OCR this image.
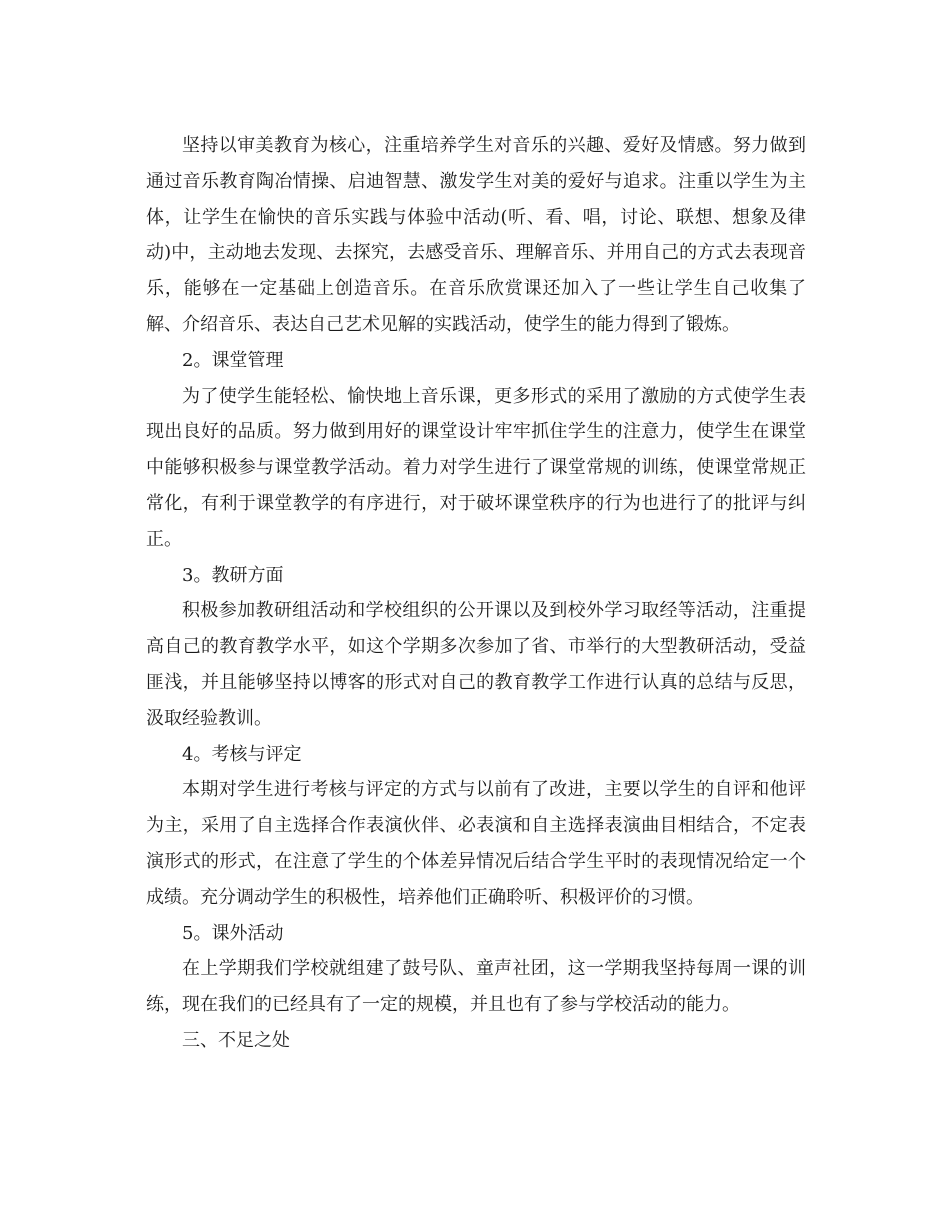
坚持以审美教育为核心，注重培养学生对音乐的兴趣、爱好及情感。努力做到通过音乐教育陶冶情操、启迪智慧、激发学生对美的爱好与追求。注重以学生为主体，让学生在愉快的音乐实践与体验中活动(听、看、唱，讨论、联想、想象及律动)中，主动地去发现、去探究，去感受音乐、理解音乐、并用自己的方式去表现音乐，能够在一定基础上创造音乐。在音乐欣赏课还加入了一些让学生自己收集了解、介绍音乐、表达自己艺术见解的实践活动，使学生的能力得到了锻炼。

2。课堂管理

为了使学生能轻松、愉快地上音乐课，更多形式的采用了激励的方式使学生表现出良好的品质。努力做到用好的课堂设计牢牢抓住学生的注意力，使学生在课堂中能够积极参与课堂教学活动。着力对学生进行了课堂常规的训练，使课堂常规正常化，有利于课堂教学的有序进行，对于破坏课堂秩序的行为也进行了的批评与纠正。

3。教研方面

积极参加教研组活动和学校组织的公开课以及到校外学习取经等活动，注重提高自己的教育教学水平，如这个学期多次参加了省、市举行的大型教研活动，受益匪浅，并且能够坚持以博客的形式对自己的教育教学工作进行认真的总结与反思，汲取经验教训。

4。考核与评定

本期对学生进行考核与评定的方式与以前有了改进，主要以学生的自评和他评为主，采用了自主选择合作表演伙伴、必表演和自主选择表演曲目相结合，不定表演形式的形式，在注意了学生的个体差异情况后结合学生平时的表现情况给定一个成绩。充分调动学生的积极性，培养他们正确聆听、积极评价的习惯。

5。课外活动

在上学期我们学校就组建了鼓号队、童声社团，这一学期我坚持每周一课的训练，现在我们的已经具有了一定的规模，并且也有了参与学校活动的能力。

三、不足之处
